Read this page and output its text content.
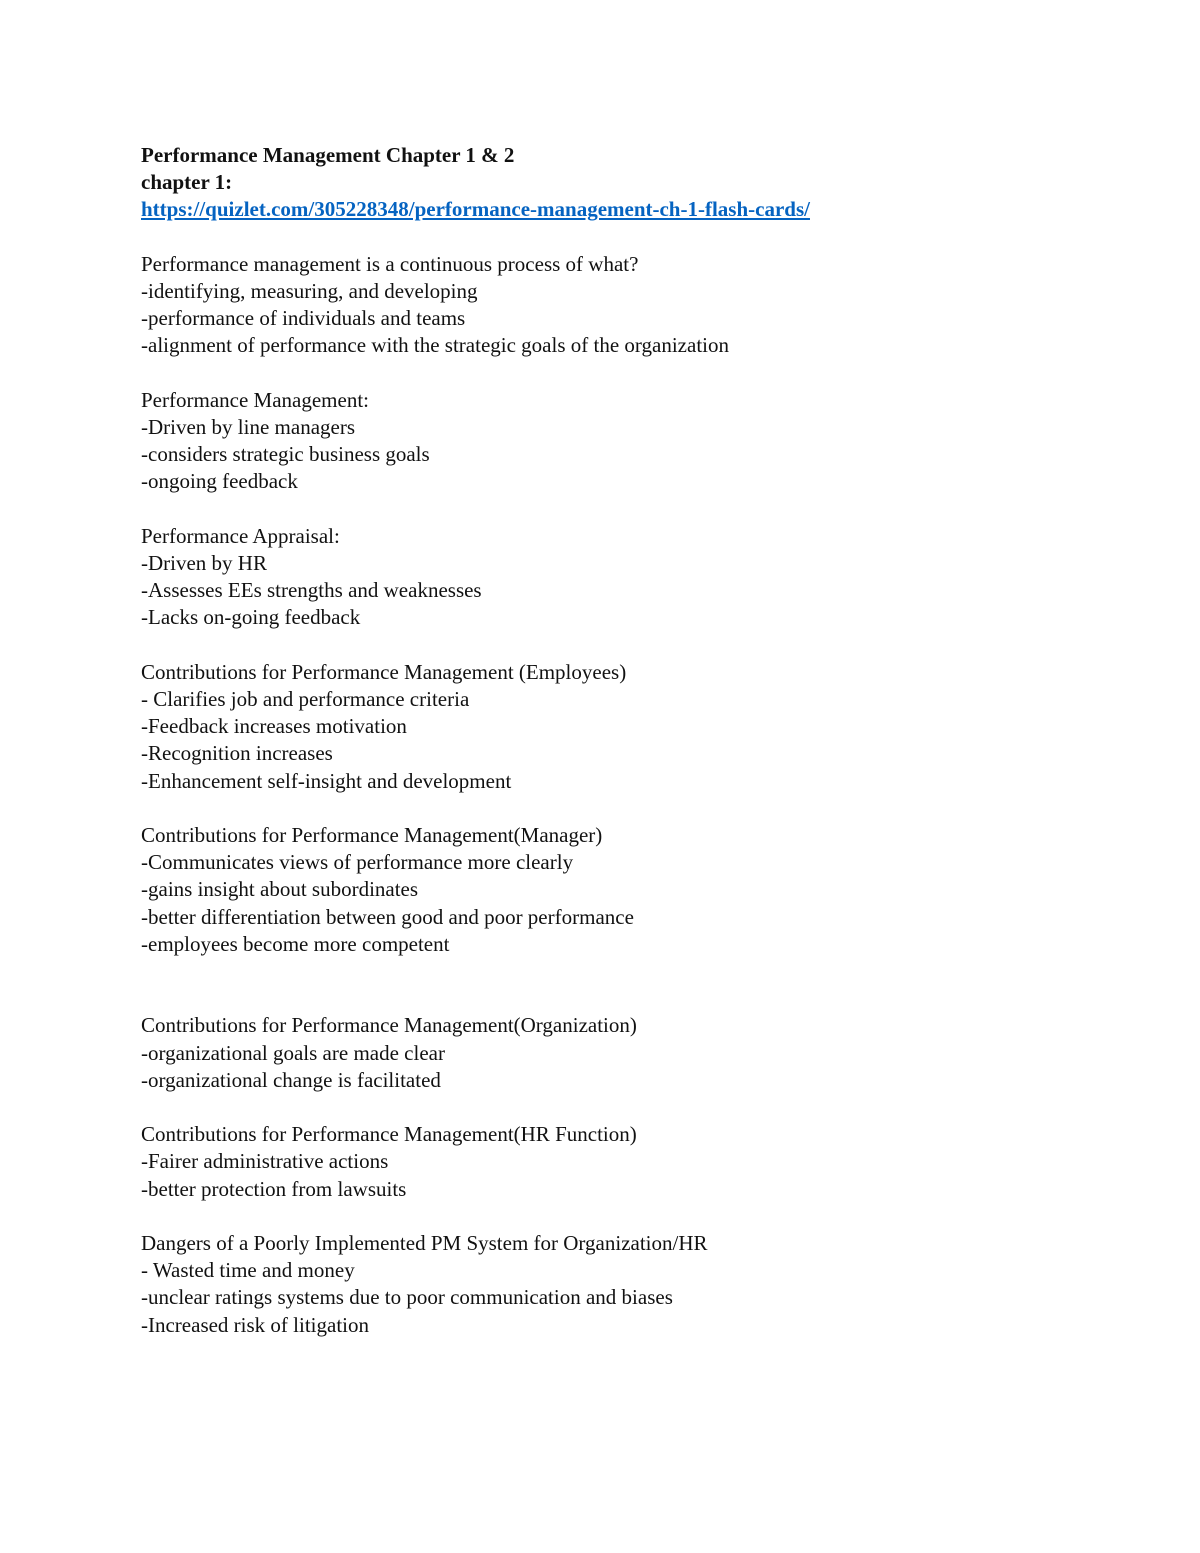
Performance Management Chapter 1 & 2
chapter 1:
https://quizlet.com/305228348/performance-management-ch-1-flash-cards/
Performance management is a continuous process of what?
-identifying, measuring, and developing
-performance of individuals and teams
-alignment of performance with the strategic goals of the organization
Performance Management:
-Driven by line managers
-considers strategic business goals
-ongoing feedback
Performance Appraisal:
-Driven by HR
-Assesses EEs strengths and weaknesses
-Lacks on-going feedback
Contributions for Performance Management (Employees)
- Clarifies job and performance criteria
-Feedback increases motivation
-Recognition increases
-Enhancement self-insight and development
Contributions for Performance Management(Manager)
-Communicates views of performance more clearly
-gains insight about subordinates
-better differentiation between good and poor performance
-employees become more competent
Contributions for Performance Management(Organization)
-organizational goals are made clear
-organizational change is facilitated
Contributions for Performance Management(HR Function)
-Fairer administrative actions
-better protection from lawsuits
Dangers of a Poorly Implemented PM System for Organization/HR
- Wasted time and money
-unclear ratings systems due to poor communication and biases
-Increased risk of litigation
